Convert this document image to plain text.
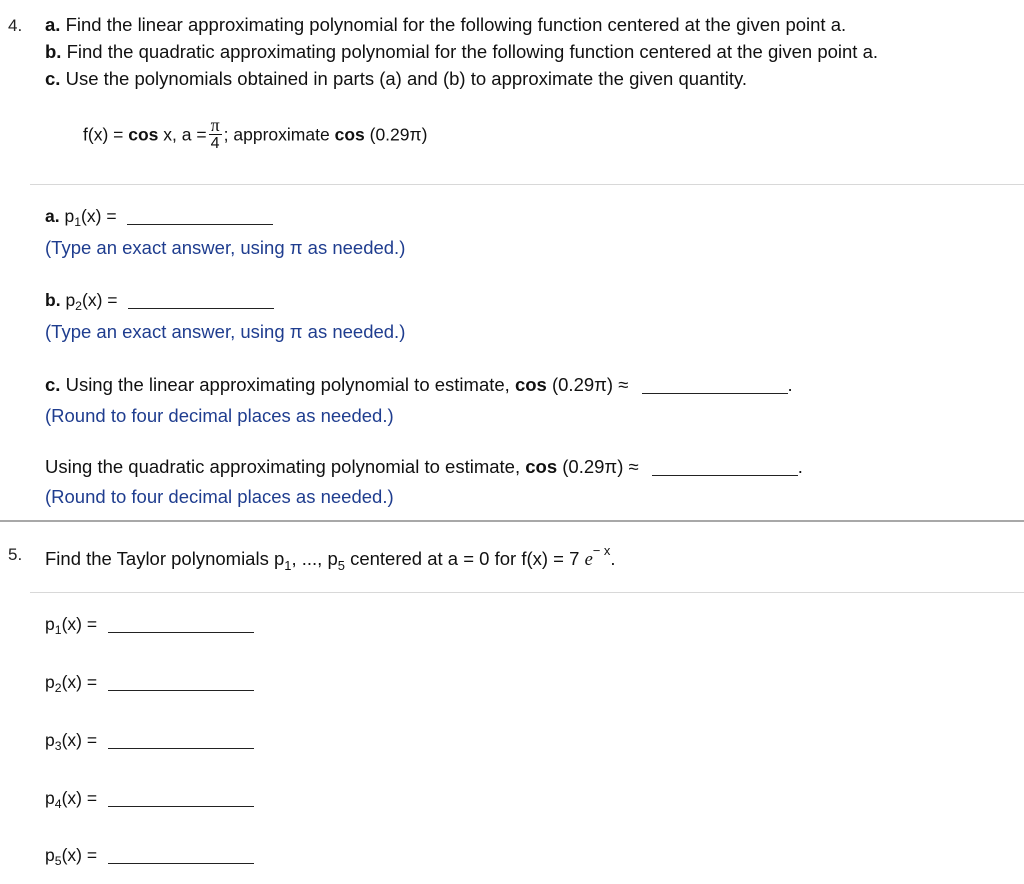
4. a. Find the linear approximating polynomial for the following function centered at the given point a.
b. Find the quadratic approximating polynomial for the following function centered at the given point a.
c. Use the polynomials obtained in parts (a) and (b) to approximate the given quantity.
f(x) = cos x, $a = \frac{\pi}{4}$ ; approximate cos (0.29π)
a. $p_1(x)$ =
(Type an exact answer, using π as needed.)
b. $p_2(x)$ =
(Type an exact answer, using π as needed.)
c. Using the linear approximating polynomial to estimate, cos (0.29π) ≈	.
(Round to four decimal places as needed.)
Using the quadratic approximating polynomial to estimate, cos (0.29π) ≈	.
(Round to four decimal places as needed.)
5. Find the Taylor polynomials $p_1$, ..., $p_5$ centered at a = 0 for f(x) = 7 $e^{- x}$.
$p_1(x)$ =
$p_2(x)$ =
$p_3(x)$ =
$p_4(x)$ =
$p_5(x)$ =
